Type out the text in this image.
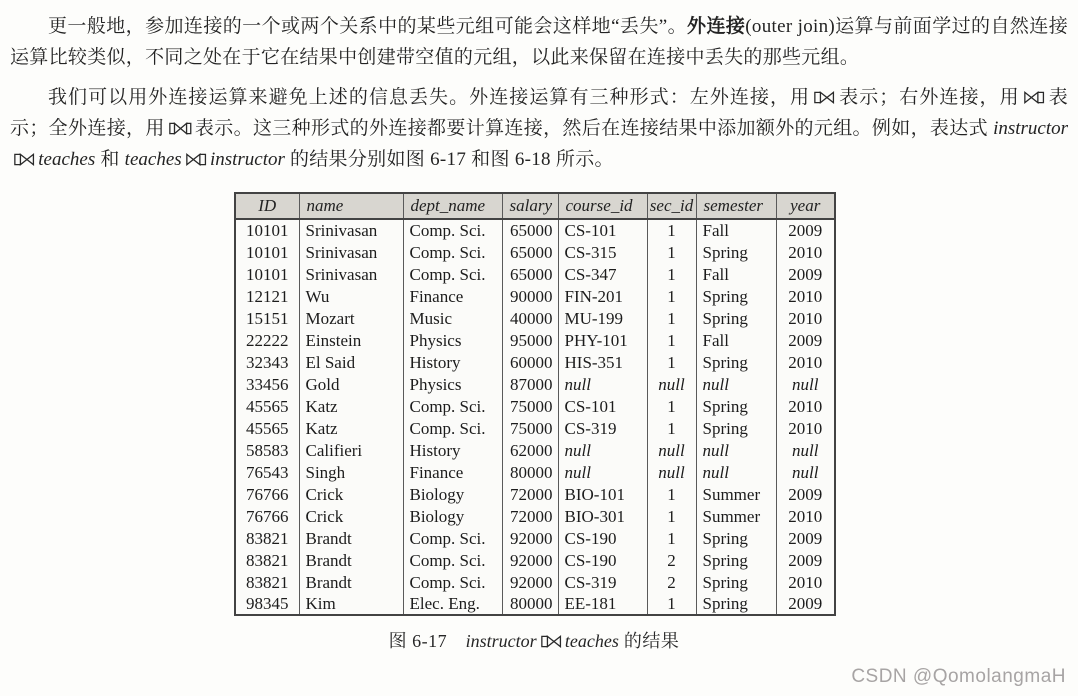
更一般地，参加连接的一个或两个关系中的某些元组可能会这样地“丢失”。外连接(outer join)运算与前面学过的自然连接运算比较类似，不同之处在于它在结果中创建带空值的元组，以此来保留在连接中丢失的那些元组。

我们可以用外连接运算来避免上述的信息丢失。外连接运算有三种形式：左外连接，用 表示；右外连接，用 表示；全外连接，用 表示。这三种形式的外连接都要计算连接，然后在连接结果中添加额外的元组。例如，表达式 instructorteaches 和 teaches instructor 的结果分别如图 6-17 和图 6-18 所示。

ID	name	dept_name	salary	course_id	sec_id	semester	year
10101	Srinivasan	Comp. Sci.	65000	CS-101	1	Fall	2009
10101	Srinivasan	Comp. Sci.	65000	CS-315	1	Spring	2010
10101	Srinivasan	Comp. Sci.	65000	CS-347	1	Fall	2009
12121	Wu	Finance	90000	FIN-201	1	Spring	2010
15151	Mozart	Music	40000	MU-199	1	Spring	2010
22222	Einstein	Physics	95000	PHY-101	1	Fall	2009
32343	El Said	History	60000	HIS-351	1	Spring	2010
33456	Gold	Physics	87000	null	null	null	null
45565	Katz	Comp. Sci.	75000	CS-101	1	Spring	2010
45565	Katz	Comp. Sci.	75000	CS-319	1	Spring	2010
58583	Califieri	History	62000	null	null	null	null
76543	Singh	Finance	80000	null	null	null	null
76766	Crick	Biology	72000	BIO-101	1	Summer	2009
76766	Crick	Biology	72000	BIO-301	1	Summer	2010
83821	Brandt	Comp. Sci.	92000	CS-190	1	Spring	2009
83821	Brandt	Comp. Sci.	92000	CS-190	2	Spring	2009
83821	Brandt	Comp. Sci.	92000	CS-319	2	Spring	2010
98345	Kim	Elec. Eng.	80000	EE-181	1	Spring	2009
图 6-17 instructor teaches 的结果
CSDN @QomolangmaH
